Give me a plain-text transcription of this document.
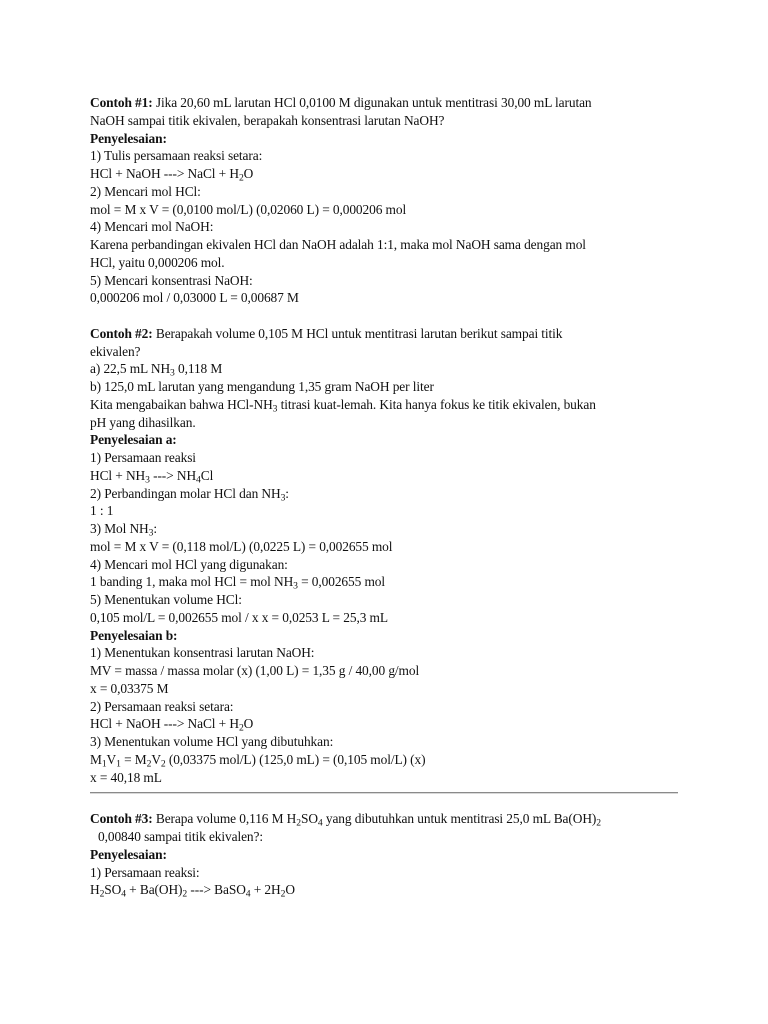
Contoh #1: Jika 20,60 mL larutan HCl 0,0100 M digunakan untuk mentitrasi 30,00 mL larutan
NaOH sampai titik ekivalen, berapakah konsentrasi larutan NaOH?
Penyelesaian:
1) Tulis persamaan reaksi setara:
HCl + NaOH ---> NaCl + $H_2O$
2) Mencari mol HCl:
mol = M x V = (0,0100 mol/L) (0,02060 L) = 0,000206 mol
4) Mencari mol NaOH:
Karena perbandingan ekivalen HCl dan NaOH adalah 1:1, maka mol NaOH sama dengan mol
HCl, yaitu 0,000206 mol.
5) Mencari konsentrasi NaOH:
0,000206 mol / 0,03000 L = 0,00687 M
Contoh #2: Berapakah volume 0,105 M HCl untuk mentitrasi larutan berikut sampai titik
ekivalen?
a) 22,5 mL $NH_3$ 0,118 M
b) 125,0 mL larutan yang mengandung 1,35 gram NaOH per liter
Kita mengabaikan bahwa HCl-$NH_3$ titrasi kuat-lemah. Kita hanya fokus ke titik ekivalen, bukan
pH yang dihasilkan.
Penyelesaian a:
1) Persamaan reaksi
HCl + $NH_3$ ---> $NH_4Cl$
2) Perbandingan molar HCl dan $NH_3$:
1 : 1
3) Mol $NH_3$:
mol = M x V = (0,118 mol/L) (0,0225 L) = 0,002655 mol
4) Mencari mol HCl yang digunakan:
1 banding 1, maka mol HCl = mol $NH_3 = 0,002655$ mol
5) Menentukan volume HCl:
0,105 mol/L = 0,002655 mol / x x = 0,0253 L = 25,3 mL
Penyelesaian b:
1) Menentukan konsentrasi larutan NaOH:
MV = massa / massa molar (x) (1,00 L) = 1,35 g / 40,00 g/mol
x = 0,03375 M
2) Persamaan reaksi setara:
HCl + NaOH ---> NaCl + $H_2O$
3) Menentukan volume HCl yang dibutuhkan:
$M_1V_1 = M_2V_2$ (0,03375 mol/L) (125,0 mL) = (0,105 mol/L) (x)
x = 40,18 mL
Contoh #3: Berapa volume 0,116 M $H_2SO_4$ yang dibutuhkan untuk mentitrasi 25,0 mL $Ba(OH)_2$
0,00840 sampai titik ekivalen?:
Penyelesaian:
1) Persamaan reaksi:
$H_2SO_4 + Ba(OH)_2$ ---> BaSO$_4$ + $2H_2O$
